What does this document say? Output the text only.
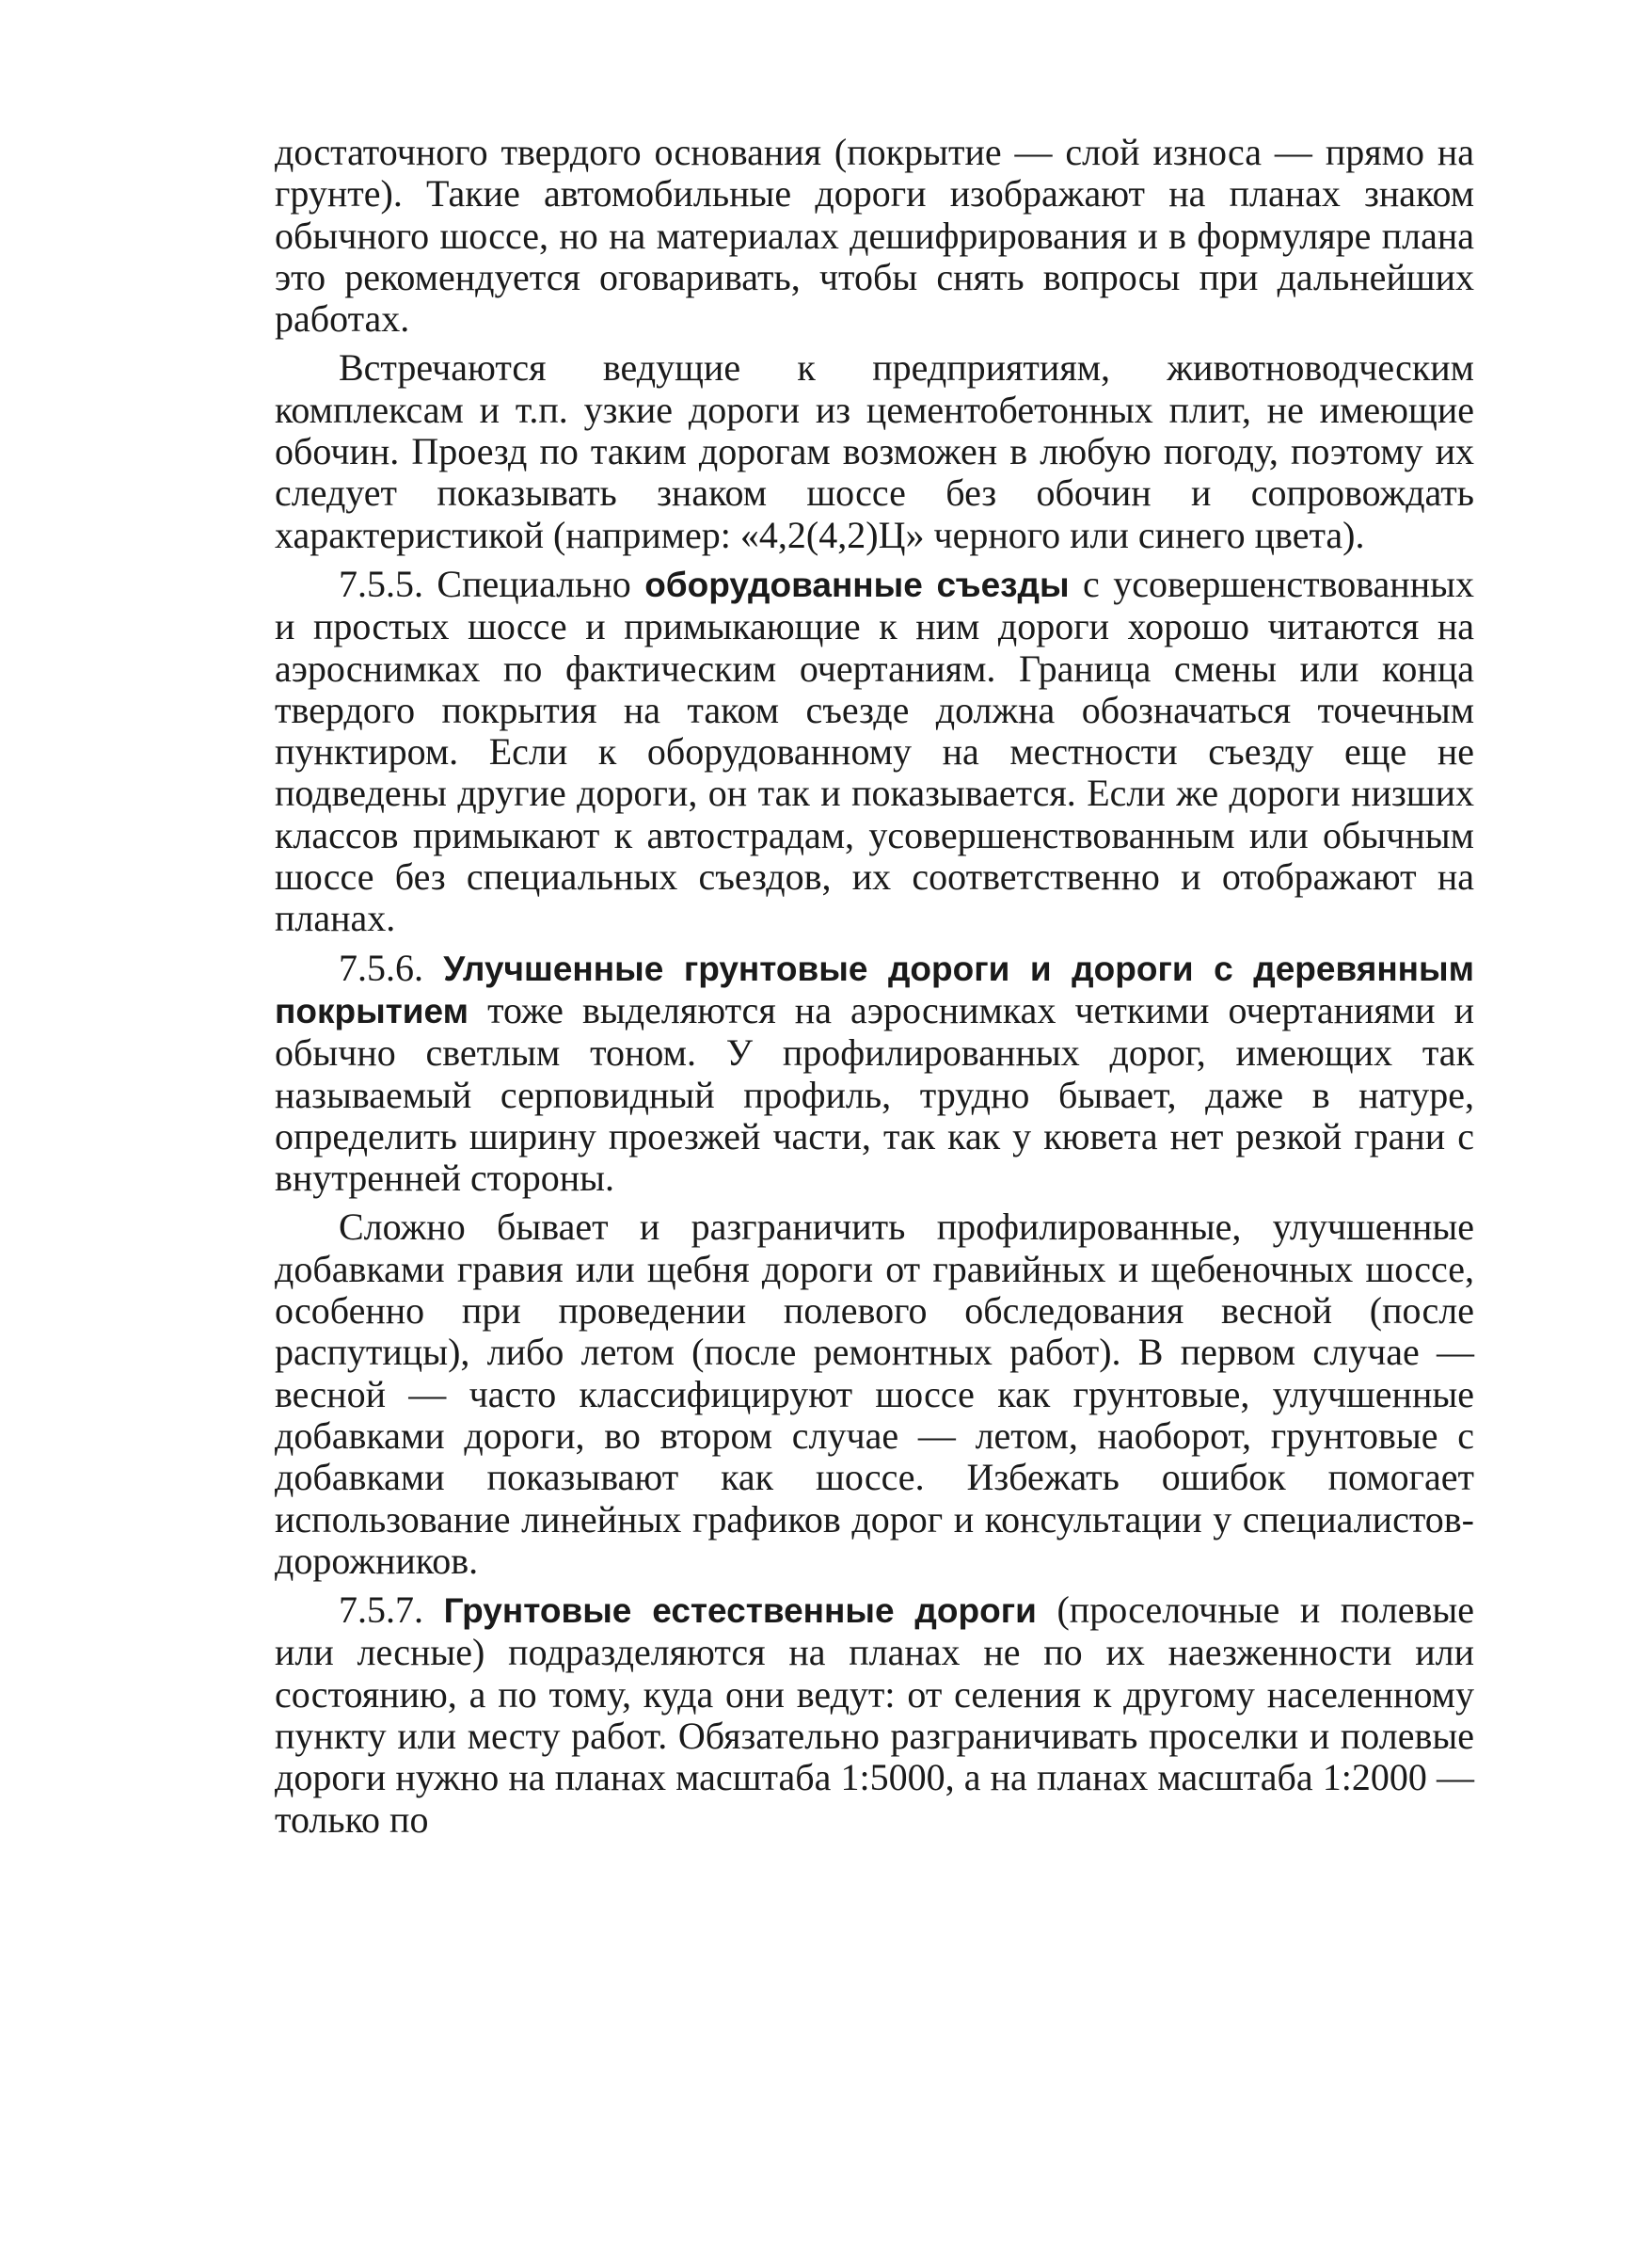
достаточного твердого основания (покрытие — слой износа — прямо на грунте). Такие автомобильные дороги изображают на планах знаком обычного шоссе, но на материалах дешифрирования и в формуляре плана это рекомендуется оговаривать, чтобы снять вопросы при дальнейших работах.

Встречаются ведущие к предприятиям, животноводческим комплексам и т.п. узкие дороги из цементобетонных плит, не имеющие обочин. Проезд по таким дорогам возможен в любую погоду, поэтому их следует показывать знаком шоссе без обочин и сопровождать характеристикой (например: «4,2(4,2)Ц» черного или синего цвета).

7.5.5. Специально оборудованные съезды с усовершенствованных и простых шоссе и примыкающие к ним дороги хорошо читаются на аэроснимках по фактическим очертаниям. Граница смены или конца твердого покрытия на таком съезде должна обозначаться точечным пунктиром. Если к оборудованному на местности съезду еще не подведены другие дороги, он так и показывается. Если же дороги низших классов примыкают к автострадам, усовершенствованным или обычным шоссе без специальных съездов, их соответственно и отображают на планах.

7.5.6. Улучшенные грунтовые дороги и дороги с деревянным покрытием тоже выделяются на аэроснимках четкими очертаниями и обычно светлым тоном. У профилированных дорог, имеющих так называемый серповидный профиль, трудно бывает, даже в натуре, определить ширину проезжей части, так как у кювета нет резкой грани с внутренней стороны.

Сложно бывает и разграничить профилированные, улучшенные добавками гравия или щебня дороги от гравийных и щебеночных шоссе, особенно при проведении полевого обследования весной (после распутицы), либо летом (после ремонтных работ). В первом случае — весной — часто классифицируют шоссе как грунтовые, улучшенные добавками дороги, во втором случае — летом, наоборот, грунтовые с добавками показывают как шоссе. Избежать ошибок помогает использование линейных графиков дорог и консультации у специалистов-дорожников.

7.5.7. Грунтовые естественные дороги (проселочные и полевые или лесные) подразделяются на планах не по их наезженности или состоянию, а по тому, куда они ведут: от селения к другому населенному пункту или месту работ. Обязательно разграничивать проселки и полевые дороги нужно на планах масштаба 1:5000, а на планах масштаба 1:2000 — только по
